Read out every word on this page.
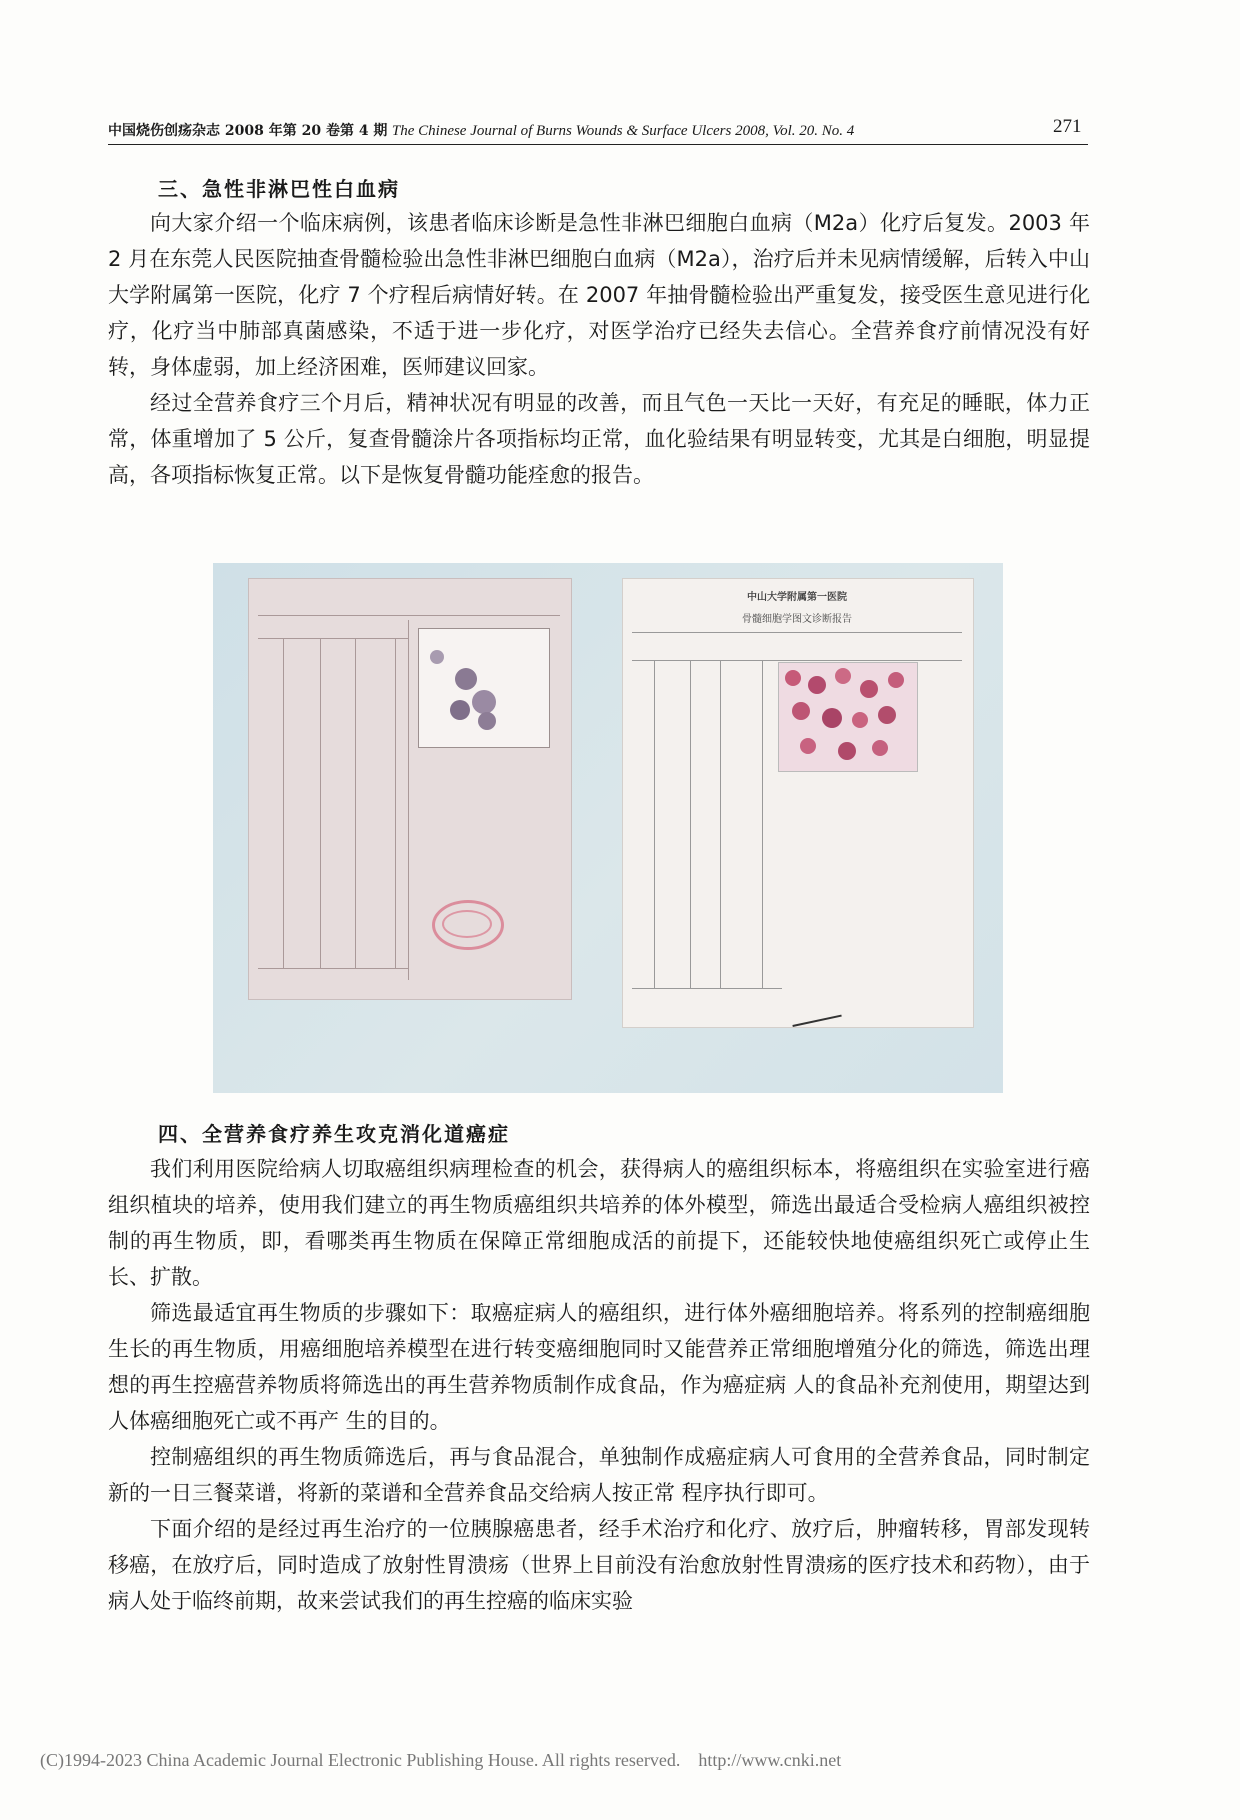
中国烧伤创疡杂志 2008 年第 20 卷第 4 期 The Chinese Journal of Burns Wounds & Surface Ulcers 2008, Vol. 20. No. 4	271
三、急性非淋巴性白血病

向大家介绍一个临床病例，该患者临床诊断是急性非淋巴细胞白血病（M2a）化疗后复发。2003 年 2 月在东莞人民医院抽查骨髓检验出急性非淋巴细胞白血病（M2a），治疗后并未见病情缓解，后转入中山大学附属第一医院，化疗 7 个疗程后病情好转。在 2007 年抽骨髓检验出严重复发，接受医生意见进行化疗，化疗当中肺部真菌感染，不适于进一步化疗，对医学治疗已经失去信心。全营养食疗前情况没有好转，身体虚弱，加上经济困难，医师建议回家。

经过全营养食疗三个月后，精神状况有明显的改善，而且气色一天比一天好，有充足的睡眠，体力正常，体重增加了 5 公斤，复查骨髓涂片各项指标均正常，血化验结果有明显转变，尤其是白细胞，明显提高，各项指标恢复正常。以下是恢复骨髓功能痊愈的报告。

中山大学附属第一医院
骨髓细胞学图文诊断报告
四、全营养食疗养生攻克消化道癌症

我们利用医院给病人切取癌组织病理检查的机会，获得病人的癌组织标本，将癌组织在实验室进行癌组织植块的培养，使用我们建立的再生物质癌组织共培养的体外模型，筛选出最适合受检病人癌组织被控制的再生物质，即，看哪类再生物质在保障正常细胞成活的前提下，还能较快地使癌组织死亡或停止生长、扩散。

筛选最适宜再生物质的步骤如下：取癌症病人的癌组织，进行体外癌细胞培养。将系列的控制癌细胞生长的再生物质，用癌细胞培养模型在进行转变癌细胞同时又能营养正常细胞增殖分化的筛选，筛选出理想的再生控癌营养物质将筛选出的再生营养物质制作成食品，作为癌症病 人的食品补充剂使用，期望达到人体癌细胞死亡或不再产 生的目的。

控制癌组织的再生物质筛选后，再与食品混合，单独制作成癌症病人可食用的全营养食品，同时制定新的一日三餐菜谱，将新的菜谱和全营养食品交给病人按正常 程序执行即可。

下面介绍的是经过再生治疗的一位胰腺癌患者，经手术治疗和化疗、放疗后，肿瘤转移，胃部发现转移癌，在放疗后，同时造成了放射性胃溃疡（世界上目前没有治愈放射性胃溃疡的医疗技术和药物），由于病人处于临终前期，故来尝试我们的再生控癌的临床实验

(C)1994-2023 China Academic Journal Electronic Publishing House. All rights reserved. http://www.cnki.net
